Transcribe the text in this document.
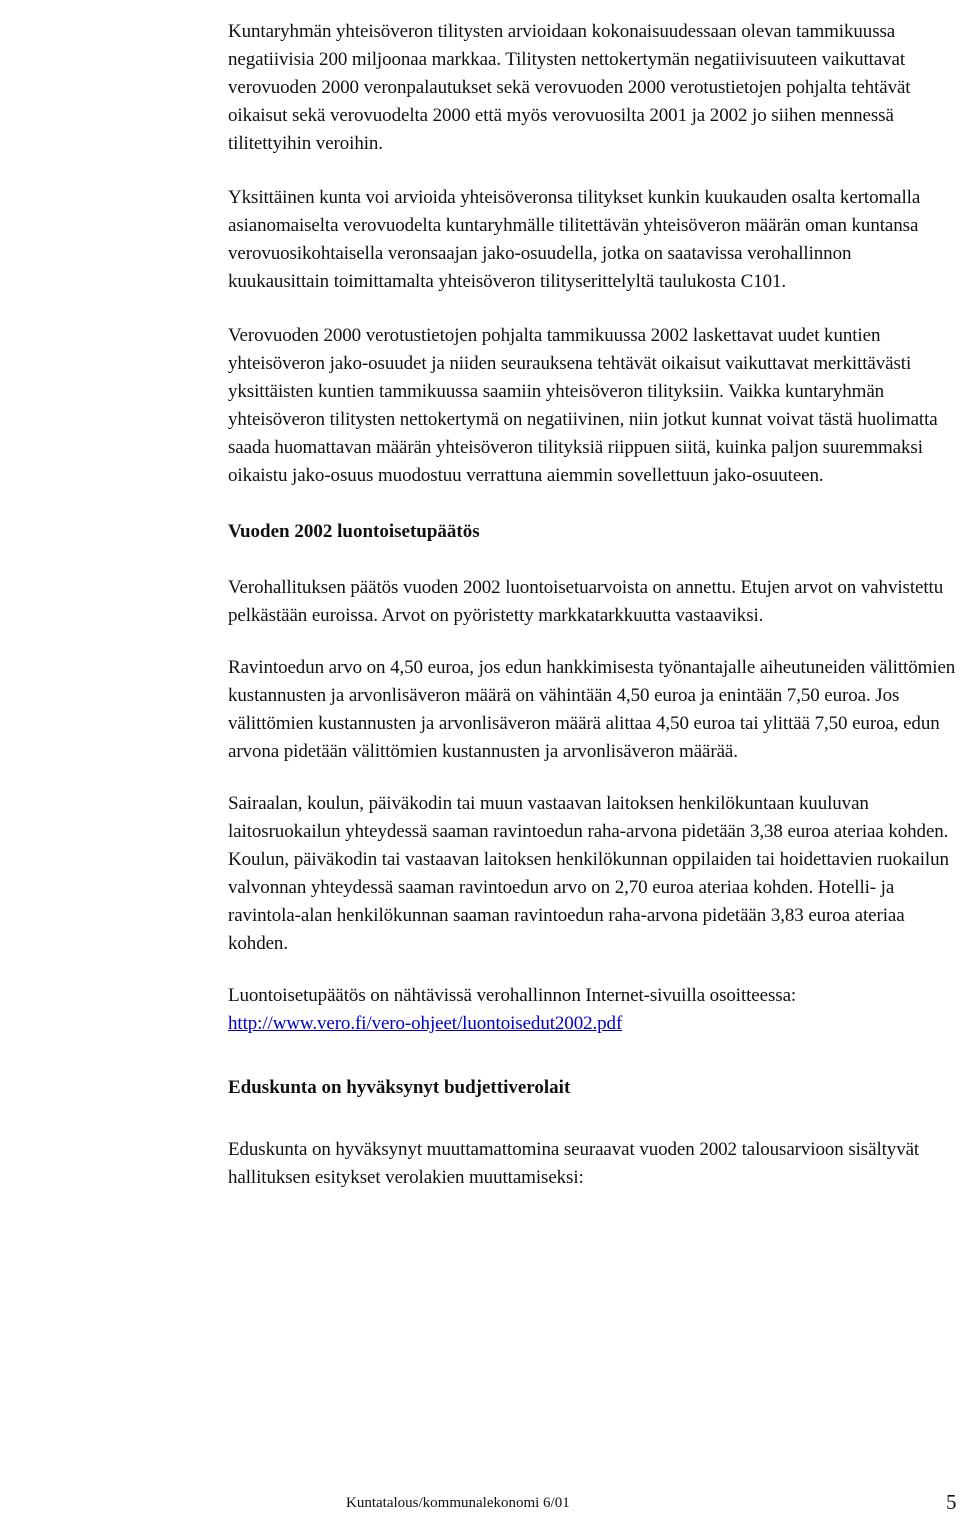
Kuntaryhmän yhteisöveron tilitysten arvioidaan kokonaisuudessaan olevan tammikuussa negatiivisia 200 miljoonaa markkaa. Tilitysten nettokertymän negatiivisuuteen vaikuttavat verovuoden 2000 veronpalautukset sekä verovuoden 2000 verotustietojen pohjalta tehtävät oikaisut sekä verovuodelta 2000 että myös verovuosilta 2001 ja 2002 jo siihen mennessä tilitettyihin veroihin.

Yksittäinen kunta voi arvioida yhteisöveronsa tilitykset kunkin kuukauden osalta kertomalla asianomaiselta verovuodelta kuntaryhmälle tilitettävän yhteisöveron määrän oman kuntansa verovuosikohtaisella veronsaajan jako-osuudella, jotka on saatavissa verohallinnon kuukausittain toimittamalta yhteisöveron tilityserittelyltä taulukosta C101.

Verovuoden 2000 verotustietojen pohjalta tammikuussa 2002 laskettavat uudet kuntien yhteisöveron jako-osuudet ja niiden seurauksena tehtävät oikaisut vaikuttavat merkittävästi yksittäisten kuntien tammikuussa saamiin yhteisöveron tilityksiin. Vaikka kuntaryhmän yhteisöveron tilitysten nettokertymä on negatiivinen, niin jotkut kunnat voivat tästä huolimatta saada huomattavan määrän yhteisöveron tilityksiä riippuen siitä, kuinka paljon suuremmaksi oikaistu jako-osuus muodostuu verrattuna aiemmin sovellettuun jako-osuuteen.

Vuoden 2002 luontoisetupäätös

Verohallituksen päätös vuoden 2002 luontoisetuarvoista on annettu. Etujen arvot on vahvistettu pelkästään euroissa. Arvot on pyöristetty markkatarkkuutta vastaaviksi.

Ravintoedun arvo on 4,50 euroa, jos edun hankkimisesta työnantajalle aiheutuneiden välittömien kustannusten ja arvonlisäveron määrä on vähintään 4,50 euroa ja enintään 7,50 euroa. Jos välittömien kustannusten ja arvonlisäveron määrä alittaa 4,50 euroa tai ylittää 7,50 euroa, edun arvona pidetään välittömien kustannusten ja arvonlisäveron määrää.

Sairaalan, koulun, päiväkodin tai muun vastaavan laitoksen henkilökuntaan kuuluvan laitosruokailun yhteydessä saaman ravintoedun raha-arvona pidetään 3,38 euroa ateriaa kohden. Koulun, päiväkodin tai vastaavan laitoksen henkilökunnan oppilaiden tai hoidettavien ruokailun valvonnan yhteydessä saaman ravintoedun arvo on 2,70 euroa ateriaa kohden. Hotelli- ja ravintola-alan henkilökunnan saaman ravintoedun raha-arvona pidetään 3,83 euroa ateriaa kohden.

Luontoisetupäätös on nähtävissä verohallinnon Internet-sivuilla osoitteessa:
http://www.vero.fi/vero-ohjeet/luontoisedut2002.pdf

Eduskunta on hyväksynyt budjettiverolait

Eduskunta on hyväksynyt muuttamattomina seuraavat vuoden 2002 talousarvioon sisältyvät hallituksen esitykset verolakien muuttamiseksi:

Kuntatalous/kommunalekonomi 6/01	5
